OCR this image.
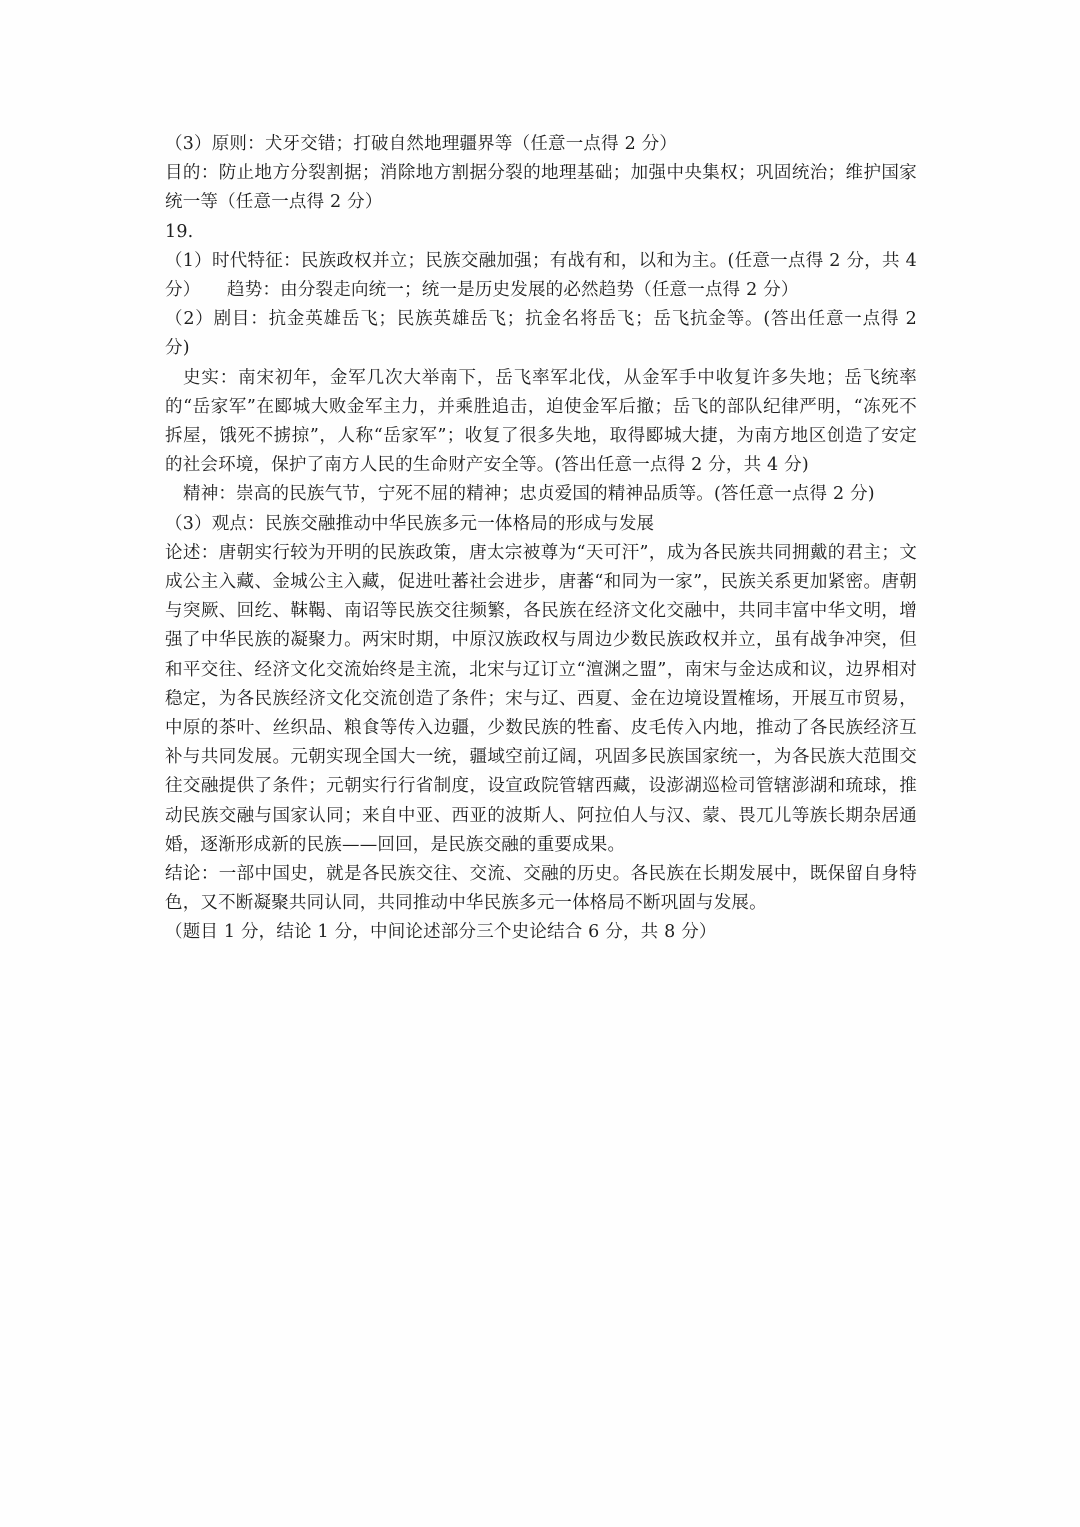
（3）原则：犬牙交错；打破自然地理疆界等（任意一点得 2 分）

目的：防止地方分裂割据；消除地方割据分裂的地理基础；加强中央集权；巩固统治；维护国家统一等（任意一点得 2 分）

19.

（1）时代特征：民族政权并立；民族交融加强；有战有和，以和为主。(任意一点得 2 分，共 4 分）　　趋势：由分裂走向统一；统一是历史发展的必然趋势（任意一点得 2 分）

（2）剧目：抗金英雄岳飞；民族英雄岳飞；抗金名将岳飞；岳飞抗金等。(答出任意一点得 2 分)

史实：南宋初年，金军几次大举南下，岳飞率军北伐，从金军手中收复许多失地；岳飞统率的“岳家军”在郾城大败金军主力，并乘胜追击，迫使金军后撤；岳飞的部队纪律严明，“冻死不拆屋，饿死不掳掠”，人称“岳家军”；收复了很多失地，取得郾城大捷，为南方地区创造了安定的社会环境，保护了南方人民的生命财产安全等。(答出任意一点得 2 分，共 4 分)

精神：崇高的民族气节，宁死不屈的精神；忠贞爱国的精神品质等。(答任意一点得 2 分)

（3）观点：民族交融推动中华民族多元一体格局的形成与发展

论述：唐朝实行较为开明的民族政策，唐太宗被尊为“天可汗”，成为各民族共同拥戴的君主；文成公主入藏、金城公主入藏，促进吐蕃社会进步，唐蕃“和同为一家”，民族关系更加紧密。唐朝与突厥、回纥、靺鞨、南诏等民族交往频繁，各民族在经济文化交融中，共同丰富中华文明，增强了中华民族的凝聚力。两宋时期，中原汉族政权与周边少数民族政权并立，虽有战争冲突，但和平交往、经济文化交流始终是主流，北宋与辽订立“澶渊之盟”，南宋与金达成和议，边界相对稳定，为各民族经济文化交流创造了条件；宋与辽、西夏、金在边境设置榷场，开展互市贸易，中原的茶叶、丝织品、粮食等传入边疆，少数民族的牲畜、皮毛传入内地，推动了各民族经济互补与共同发展。元朝实现全国大一统，疆域空前辽阔，巩固多民族国家统一，为各民族大范围交往交融提供了条件；元朝实行行省制度，设宣政院管辖西藏，设澎湖巡检司管辖澎湖和琉球，推动民族交融与国家认同；来自中亚、西亚的波斯人、阿拉伯人与汉、蒙、畏兀儿等族长期杂居通婚，逐渐形成新的民族——回回，是民族交融的重要成果。

结论：一部中国史，就是各民族交往、交流、交融的历史。各民族在长期发展中，既保留自身特色，又不断凝聚共同认同，共同推动中华民族多元一体格局不断巩固与发展。

（题目 1 分，结论 1 分，中间论述部分三个史论结合 6 分，共 8 分）
